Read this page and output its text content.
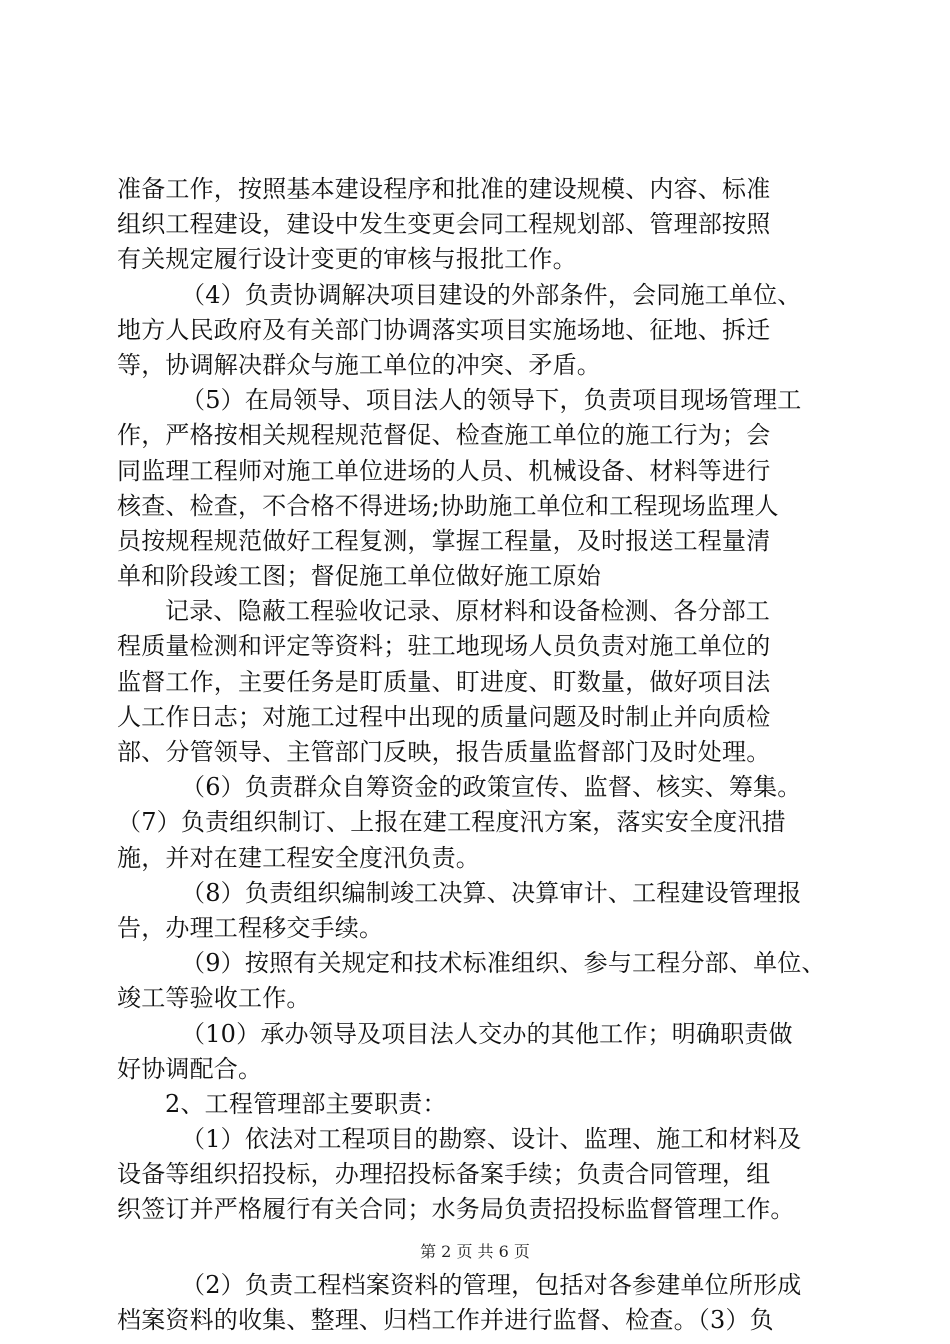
准备工作，按照基本建设程序和批准的建设规模、内容、标准
组织工程建设，建设中发生变更会同工程规划部、管理部按照
有关规定履行设计变更的审核与报批工作。
（4）负责协调解决项目建设的外部条件，会同施工单位、
地方人民政府及有关部门协调落实项目实施场地、征地、拆迁
等，协调解决群众与施工单位的冲突、矛盾。
（5）在局领导、项目法人的领导下，负责项目现场管理工
作，严格按相关规程规范督促、检查施工单位的施工行为；会
同监理工程师对施工单位进场的人员、机械设备、材料等进行
核查、检查，不合格不得进场;协助施工单位和工程现场监理人
员按规程规范做好工程复测，掌握工程量，及时报送工程量清
单和阶段竣工图；督促施工单位做好施工原始
记录、隐蔽工程验收记录、原材料和设备检测、各分部工
程质量检测和评定等资料；驻工地现场人员负责对施工单位的
监督工作，主要任务是盯质量、盯进度、盯数量，做好项目法
人工作日志；对施工过程中出现的质量问题及时制止并向质检
部、分管领导、主管部门反映，报告质量监督部门及时处理。
（6）负责群众自筹资金的政策宣传、监督、核实、筹集。
（7）负责组织制订、上报在建工程度汛方案，落实安全度汛措
施，并对在建工程安全度汛负责。
（8）负责组织编制竣工决算、决算审计、工程建设管理报
告，办理工程移交手续。
（9）按照有关规定和技术标准组织、参与工程分部、单位、
竣工等验收工作。
（10）承办领导及项目法人交办的其他工作；明确职责做
好协调配合。
2、工程管理部主要职责：
（1）依法对工程项目的勘察、设计、监理、施工和材料及
设备等组织招投标，办理招投标备案手续；负责合同管理，组
织签订并严格履行有关合同；水务局负责招投标监督管理工作。
（2）负责工程档案资料的管理，包括对各参建单位所形成
档案资料的收集、整理、归档工作并进行监督、检查。（3）负
第 2 页 共 6 页
